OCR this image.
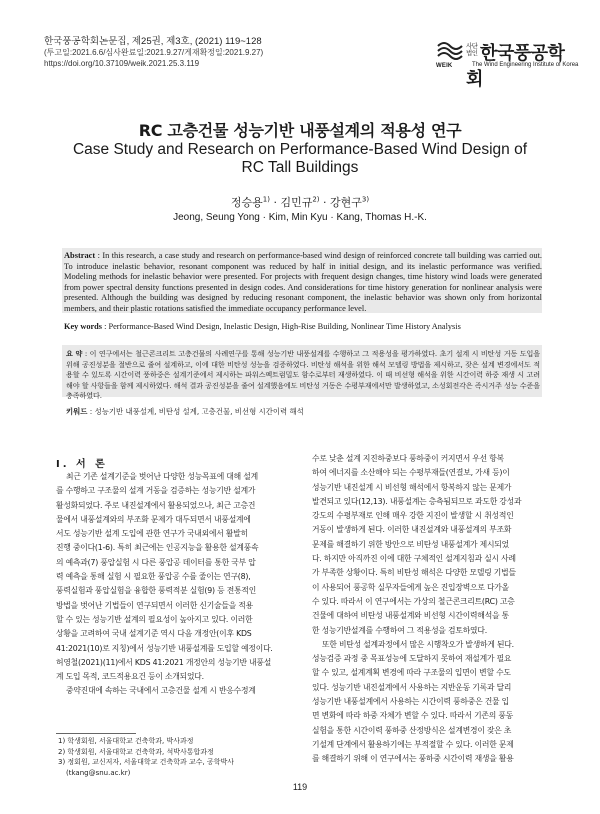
한국풍공학회논문집, 제25권, 제3호, (2021) 119~128
(투고일:2021.6.6/심사완료일:2021.9.27/게재확정일:2021.9.27)
https://doi.org/10.37109/weik.2021.25.3.119	WEIK
사단법인 한국풍공학회
The Wind Engineering Institute of Korea
RC 고층건물 성능기반 내풍설계의 적용성 연구
Case Study and Research on Performance-Based Wind Design of RC Tall Buildings
정승용$^{1)}$ · 김민규$^{2)}$ · 강현구$^{3)}$
Jeong, Seung Yong · Kim, Min Kyu · Kang, Thomas H.-K.
Abstract : In this research, a case study and research on performance-based wind design of reinforced concrete tall building was carried out. To introduce inelastic behavior, resonant component was reduced by half in initial design, and its inelastic performance was verified. Modeling methods for inelastic behavior were presented. For projects with frequent design changes, time history wind loads were generated from power spectral density functions presented in design codes. And considerations for time history generation for nonlinear analysis were presented. Although the building was designed by reducing resonant component, the inelastic behavior was shown only from horizontal members, and their plastic rotations satisfied the immediate occupancy performance level.
Key words : Performance-Based Wind Design, Inelastic Design, High-Rise Building, Nonlinear Time History Analysis
요 약 : 이 연구에서는 철근콘크리트 고층건물의 사례연구를 통해 성능기반 내풍설계를 수행하고 그 적용성을 평가하였다. 초기 설계 시 비탄성 거동 도입을 위해 공진성분을 절반으로 줄여 설계하고, 이에 대한 비탄성 성능을 검증하였다. 비탄성 해석을 위한 해석 모델링 방법을 제시하고, 잦은 설계 변경에서도 적용할 수 있도록 시간이력 풍하중은 설계기준에서 제시하는 파워스펙트럼밀도 함수로부터 재생하였다. 이 때 비선형 해석을 위한 시간이력 하중 재생 시 고려해야 할 사항들을 함께 제시하였다. 해석 결과 공진성분을 줄여 설계했음에도 비탄성 거동은 수평부재에서만 발생하였고, 소성회전각은 즉시거주 성능 수준을 충족하였다.
키워드 : 성능기반 내풍설계, 비탄성 설계, 고층건물, 비선형 시간이력 해석
I. 서 론

최근 기존 설계기준을 벗어난 다양한 성능목표에 대해 설계

를 수행하고 구조물의 설계 거동을 검증하는 성능기반 설계가

활성화되었다. 주로 내진설계에서 활용되었으나, 최근 고층건

물에서 내풍설계와의 부조화 문제가 대두되면서 내풍설계에

서도 성능기반 설계 도입에 관한 연구가 국내외에서 활발히

진행 중이다(1-6). 특히 최근에는 인공지능을 활용한 설계풍속

의 예측과(7) 풍압실험 시 다른 풍압공 데이터를 통한 국부 압

력 예측을 통해 실험 시 필요한 풍압공 수를 줄이는 연구(8),

풍력실험과 풍압실험을 융합한 풍력적분 실험(9) 등 전통적인

방법을 벗어난 기법들이 연구되면서 이러한 신기술들을 적용

할 수 있는 성능기반 설계의 필요성이 높아지고 있다. 이러한

상황을 고려하여 국내 설계기준 역시 다음 개정안(이후 KDS

41:2021(10)로 지칭)에서 성능기반 내풍설계를 도입할 예정이다.

허영철(2021)(11)에서 KDS 41:2021 개정안의 성능기반 내풍설

계 도입 목적, 코드적용요건 등이 소개되었다.

중약진대에 속하는 국내에서 고층건물 설계 시 반응수정계

수로 낮춘 설계 지진하중보다 풍하중이 커지면서 우선 항복

하여 에너지를 소산해야 되는 수평부재들(연결보, 가새 등)이

성능기반 내진설계 시 비선형 해석에서 항복하지 않는 문제가

발견되고 있다(12,13). 내풍설계는 층측됨되므로 과도한 강성과

강도의 수평부재로 인해 매우 강한 지진이 발생할 시 취성적인

거동이 발생하게 된다. 이러한 내진설계와 내풍설계의 부조화

문제를 해결하기 위한 방안으로 비탄성 내풍설계가 제시되었

다. 하지만 아직까진 이에 대한 구체적인 설계지침과 실시 사례

가 부족한 상황이다. 특히 비탄성 해석은 다양한 모델링 기법들

이 사용되어 풍공학 실무자들에게 높은 진입장벽으로 다가올

수 있다. 따라서 이 연구에서는 가상의 철근콘크리트(RC) 고층

건물에 대하여 비탄성 내풍설계와 비선형 시간이력해석을 통

한 성능기반설계를 수행하여 그 적용성을 검토하였다.

또한 비탄성 설계과정에서 많은 시행착오가 발생하게 된다.

성능검증 과정 중 목표성능에 도달하지 못하여 재설계가 필요

할 수 있고, 설계계획 변경에 따라 구조물의 입면이 변할 수도

있다. 성능기반 내진설계에서 사용하는 지반운동 기록과 달리

성능기반 내풍설계에서 사용하는 시간이력 풍하중은 건물 입

면 변화에 따라 하중 자체가 변할 수 있다. 따라서 기존의 풍동

실험을 통한 시간이력 풍하중 산정방식은 설계변경이 잦은 초

기설계 단계에서 활용하기에는 부적절할 수 있다. 이러한 문제

를 해결하기 위해 이 연구에서는 풍하중 시간이력 재생을 활용

1) 학생회원, 서울대학교 건축학과, 박사과정
2) 학생회원, 서울대학교 건축학과, 석박사통합과정
3) 정회원, 교신저자, 서울대학교 건축학과 교수, 공학박사
(tkang@snu.ac.kr)
119
